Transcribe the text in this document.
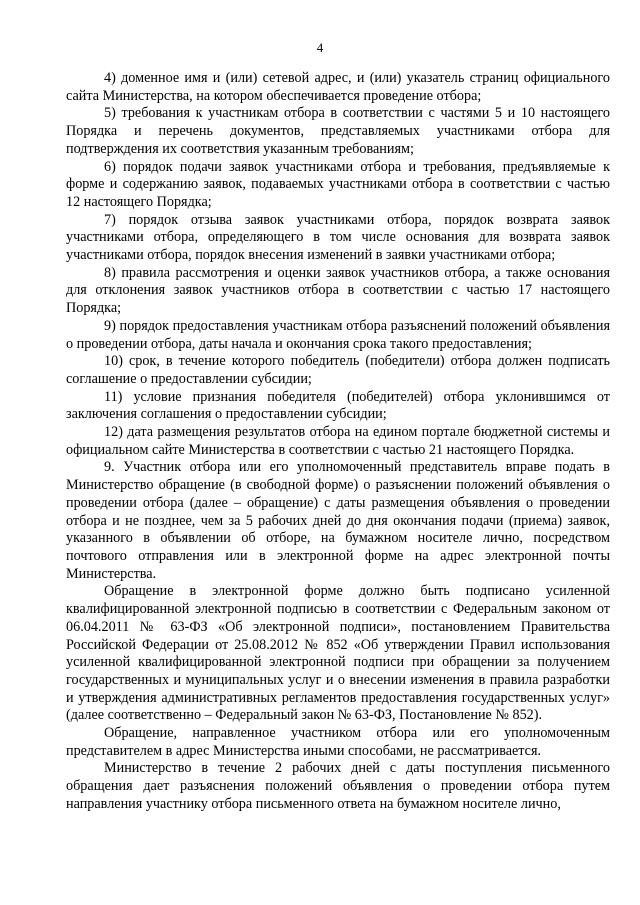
4

4) доменное имя и (или) сетевой адрес, и (или) указатель страниц официального сайта Министерства, на котором обеспечивается проведение отбора;

5) требования к участникам отбора в соответствии с частями 5 и 10 настоящего Порядка и перечень документов, представляемых участниками отбора для подтверждения их соответствия указанным требованиям;

6) порядок подачи заявок участниками отбора и требования, предъявляемые к форме и содержанию заявок, подаваемых участниками отбора в соответствии с частью 12 настоящего Порядка;

7) порядок отзыва заявок участниками отбора, порядок возврата заявок участниками отбора, определяющего в том числе основания для возврата заявок участниками отбора, порядок внесения изменений в заявки участниками отбора;

8) правила рассмотрения и оценки заявок участников отбора, а также основания для отклонения заявок участников отбора в соответствии с частью 17 настоящего Порядка;

9) порядок предоставления участникам отбора разъяснений положений объявления о проведении отбора, даты начала и окончания срока такого предоставления;

10) срок, в течение которого победитель (победители) отбора должен подписать соглашение о предоставлении субсидии;

11) условие признания победителя (победителей) отбора уклонившимся от заключения соглашения о предоставлении субсидии;

12) дата размещения результатов отбора на едином портале бюджетной системы и официальном сайте Министерства в соответствии с частью 21 настоящего Порядка.

9. Участник отбора или его уполномоченный представитель вправе подать в Министерство обращение (в свободной форме) о разъяснении положений объявления о проведении отбора (далее – обращение) с даты размещения объявления о проведении отбора и не позднее, чем за 5 рабочих дней до дня окончания подачи (приема) заявок, указанного в объявлении об отборе, на бумажном носителе лично, посредством почтового отправления или в электронной форме на адрес электронной почты Министерства.

Обращение в электронной форме должно быть подписано усиленной квалифицированной электронной подписью в соответствии с Федеральным законом от 06.04.2011 № 63-ФЗ «Об электронной подписи», постановлением Правительства Российской Федерации от 25.08.2012 № 852 «Об утверждении Правил использования усиленной квалифицированной электронной подписи при обращении за получением государственных и муниципальных услуг и о внесении изменения в правила разработки и утверждения административных регламентов предоставления государственных услуг» (далее соответственно – Федеральный закон № 63-ФЗ, Постановление № 852).

Обращение, направленное участником отбора или его уполномоченным представителем в адрес Министерства иными способами, не рассматривается.

Министерство в течение 2 рабочих дней с даты поступления письменного обращения дает разъяснения положений объявления о проведении отбора путем направления участнику отбора письменного ответа на бумажном носителе лично,
